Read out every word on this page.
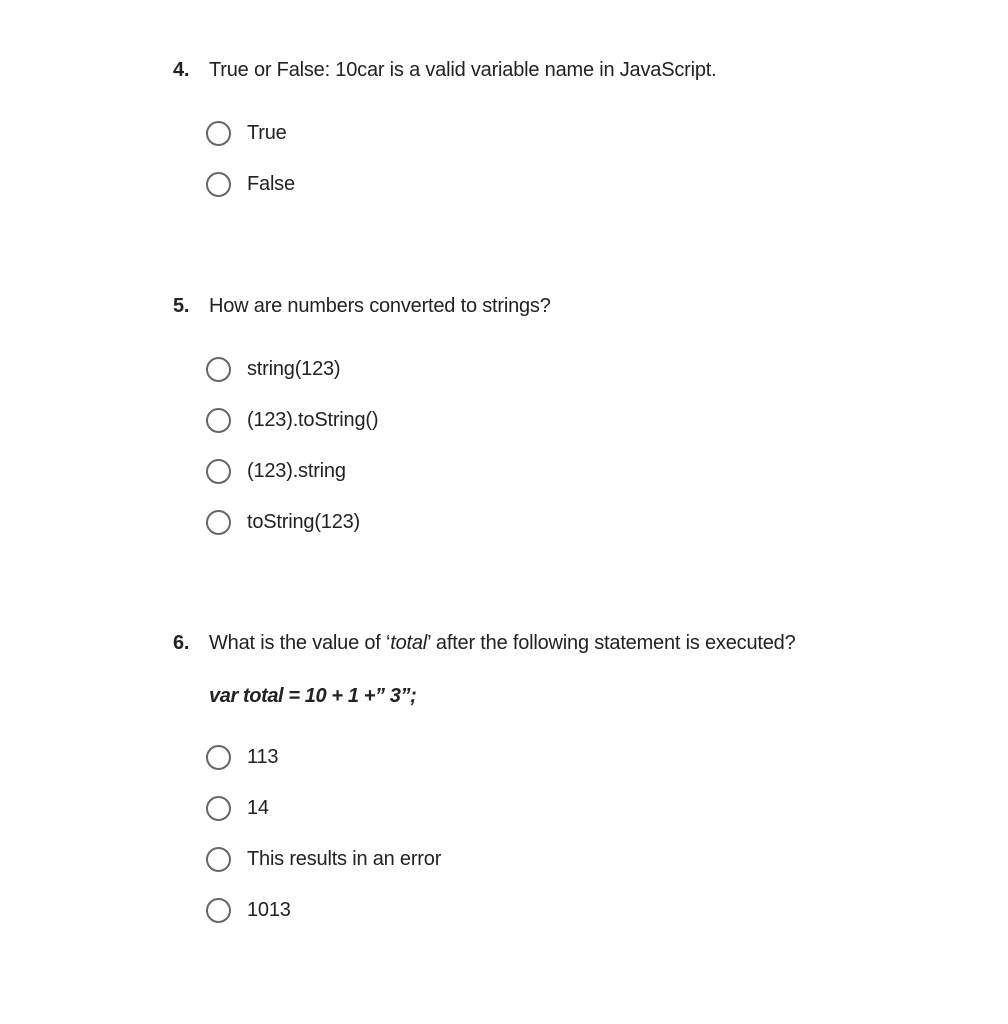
4. True or False: 10car is a valid variable name in JavaScript.
True
False
5. How are numbers converted to strings?
string(123)
(123).toString()
(123).string
toString(123)
6. What is the value of ‘total’ after the following statement is executed?
var total = 10 + 1 +” 3”;
113
14
This results in an error
1013
